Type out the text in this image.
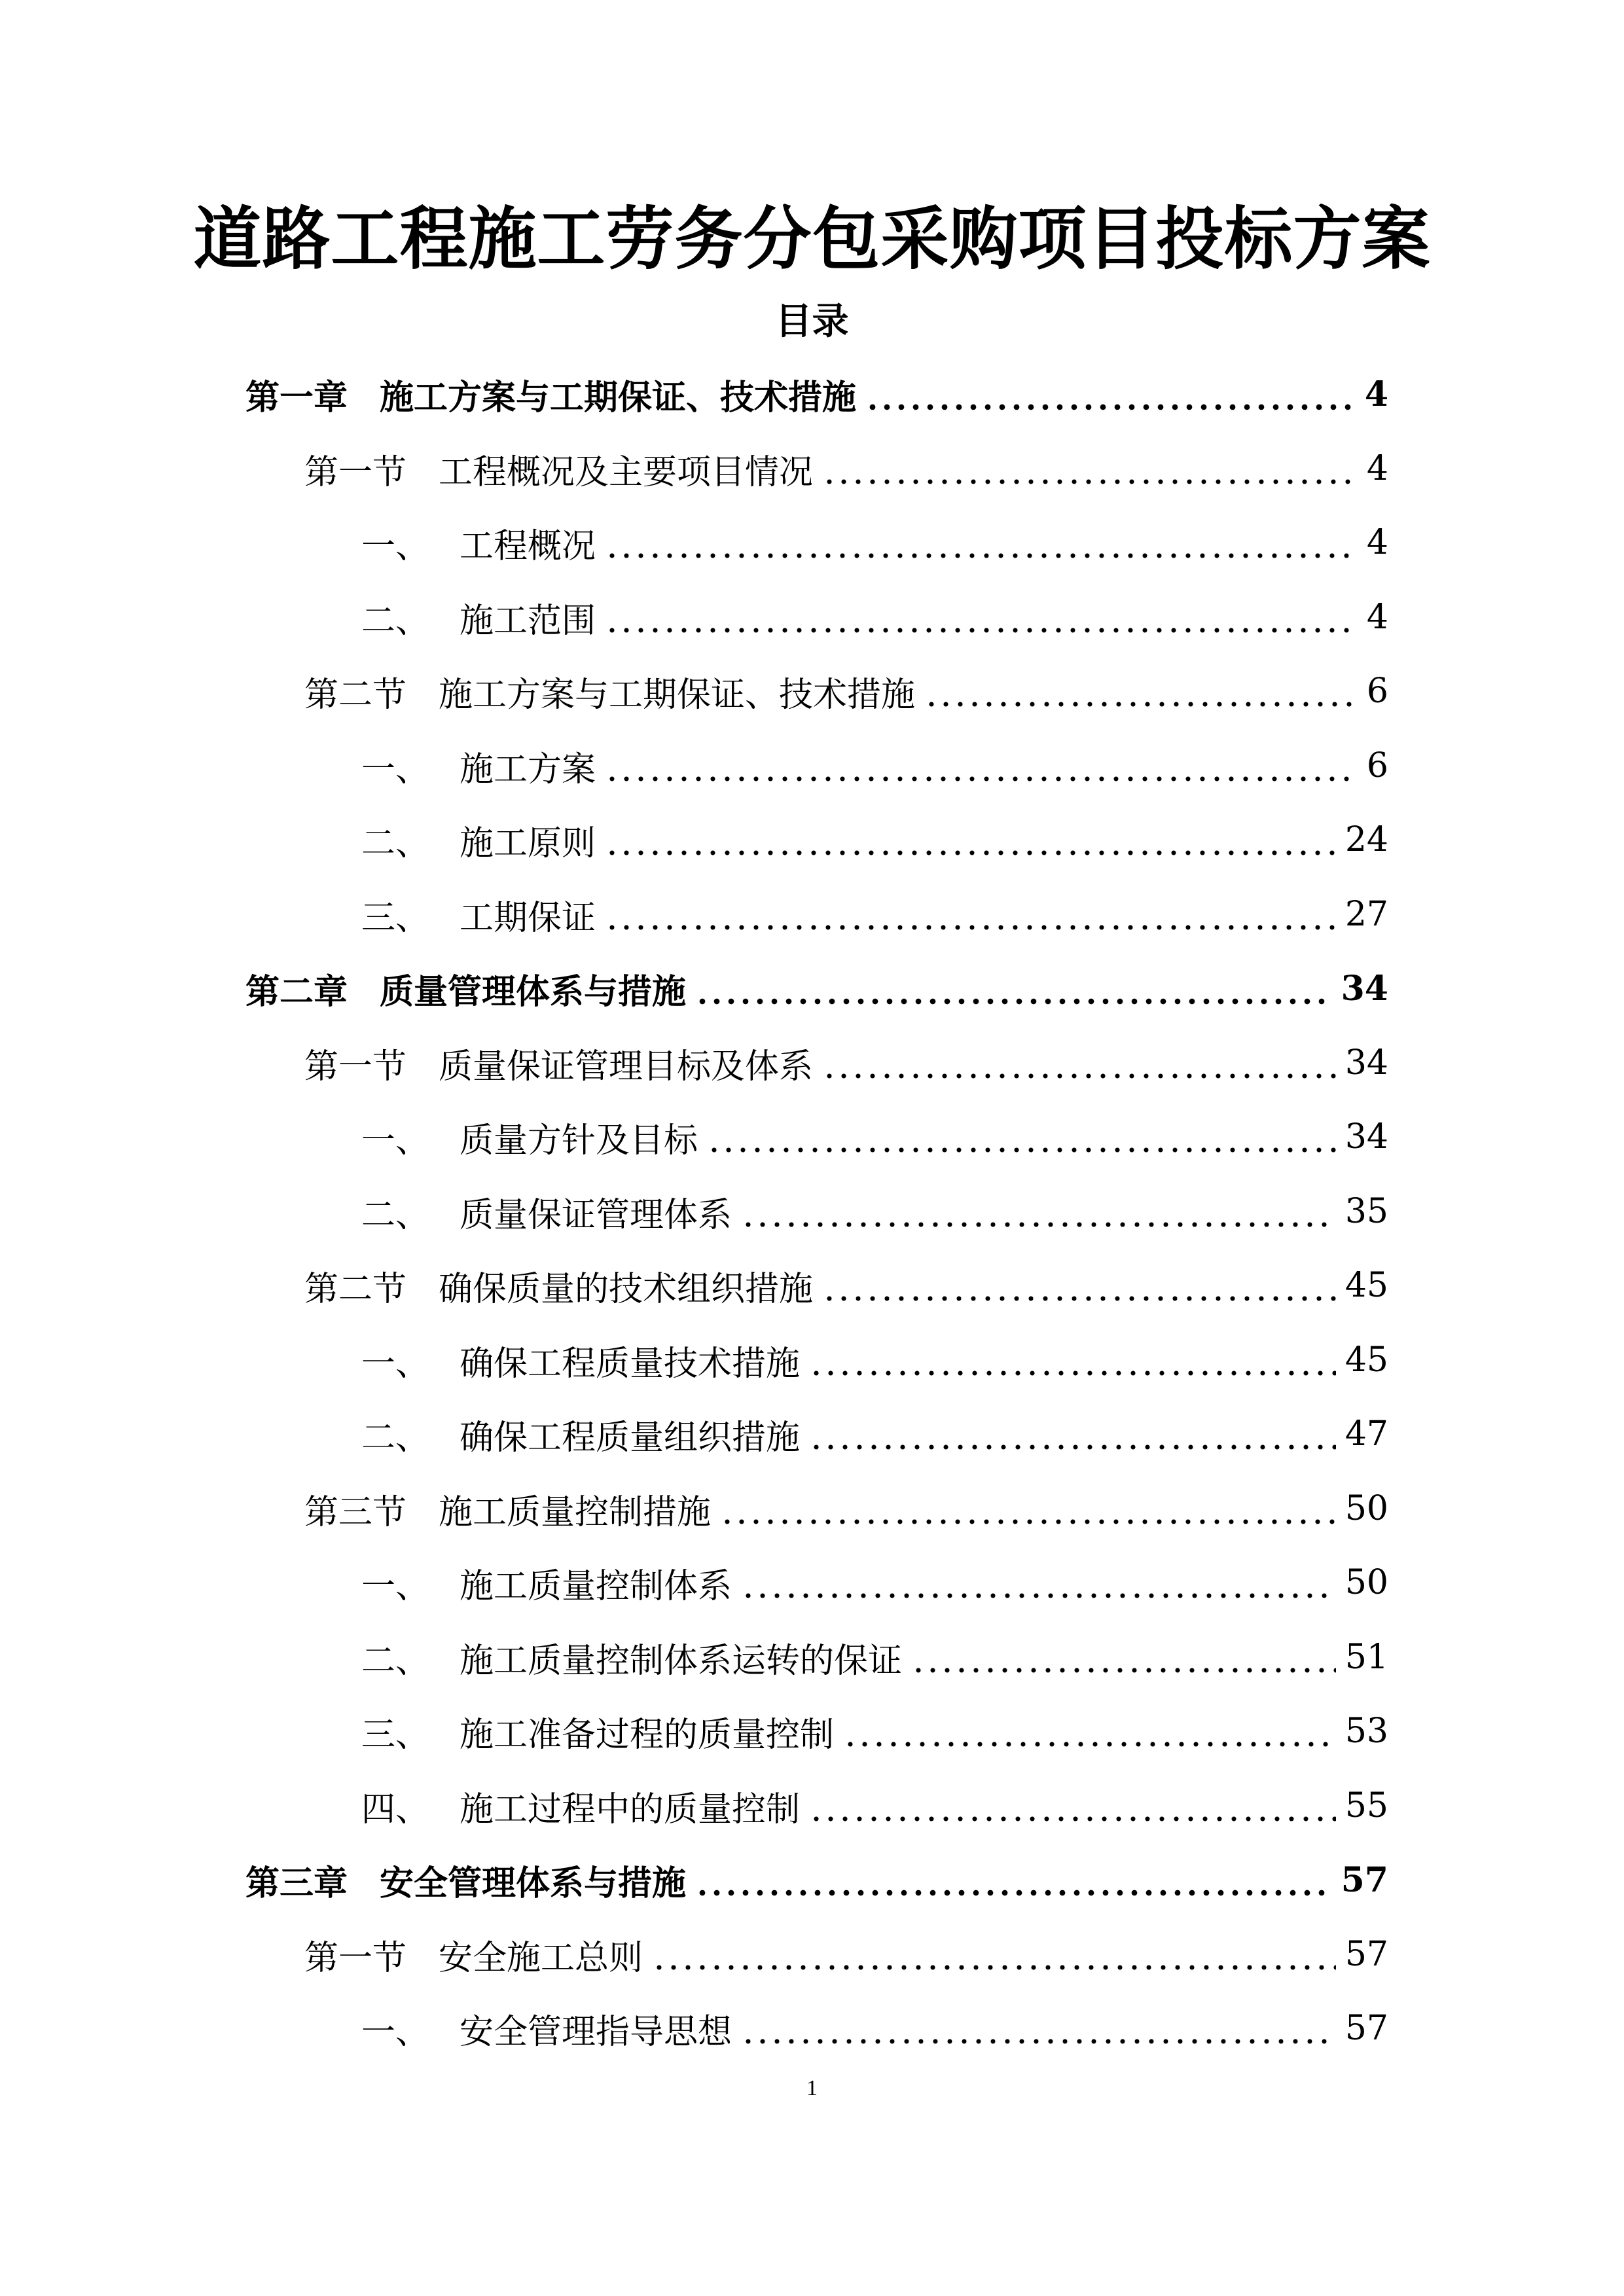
道路工程施工劳务分包采购项目投标方案
目录
第一章 施工方案与工期保证、技术措施	4
第一节 工程概况及主要项目情况	4
一、 工程概况	4
二、 施工范围	4
第二节 施工方案与工期保证、技术措施	6
一、 施工方案	6
二、 施工原则	24
三、 工期保证	27
第二章 质量管理体系与措施	34
第一节 质量保证管理目标及体系	34
一、 质量方针及目标	34
二、 质量保证管理体系	35
第二节 确保质量的技术组织措施	45
一、 确保工程质量技术措施	45
二、 确保工程质量组织措施	47
第三节 施工质量控制措施	50
一、 施工质量控制体系	50
二、 施工质量控制体系运转的保证	51
三、 施工准备过程的质量控制	53
四、 施工过程中的质量控制	55
第三章 安全管理体系与措施	57
第一节 安全施工总则	57
一、 安全管理指导思想	57
1
